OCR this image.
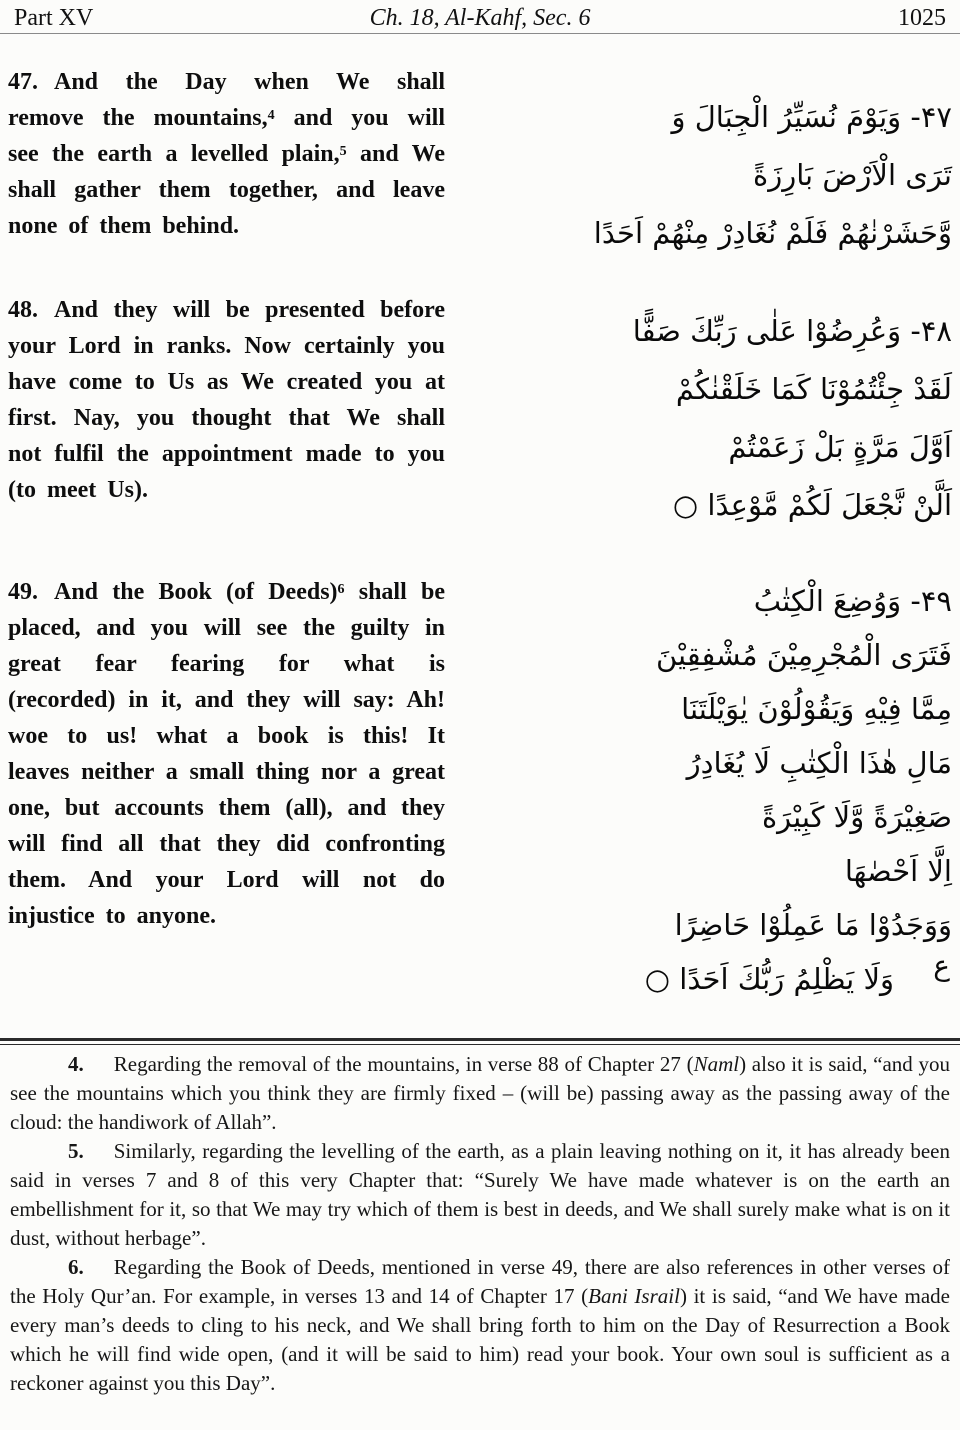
Part XV	Ch. 18, Al-Kahf, Sec. 6	1025

47. And the Day when We shall remove the mountains,$^4$ and you will see the earth a levelled plain,$^5$ and We shall gather them together, and leave none of them behind.

۴۷- وَيَوْمَ نُسَيِّرُ الْجِبَالَ وَ
تَرَى الْاَرْضَ بَارِزَةً
وَّحَشَرْنٰهُمْ فَلَمْ نُغَادِرْ مِنْهُمْ اَحَدًا

48. And they will be presented before your Lord in ranks. Now certainly you have come to Us as We created you at first. Nay, you thought that We shall not fulfil the appointment made to you (to meet Us).

۴۸- وَعُرِضُوْا عَلٰى رَبِّكَ صَفًّا
لَقَدْ جِئْتُمُوْنَا كَمَا خَلَقْنٰكُمْ
اَوَّلَ مَرَّةٍ بَلْ زَعَمْتُمْ
اَلَّنْ نَّجْعَلَ لَكُمْ مَّوْعِدًا ○

49. And the Book (of Deeds)$^6$ shall be placed, and you will see the guilty in great fear fearing for what is (recorded) in it, and they will say: Ah! woe to us! what a book is this! It leaves neither a small thing nor a great one, but accounts them (all), and they will find all that they did confronting them. And your Lord will not do injustice to anyone.

۴۹- وَوُضِعَ الْكِتٰبُ
فَتَرَى الْمُجْرِمِيْنَ مُشْفِقِيْنَ
مِمَّا فِيْهِ وَيَقُوْلُوْنَ يٰوَيْلَتَنَا
مَالِ هٰذَا الْكِتٰبِ لَا يُغَادِرُ
صَغِيْرَةً وَّلَا كَبِيْرَةً
اِلَّا اَحْصٰهَا
وَوَجَدُوْا مَا عَمِلُوْا حَاضِرًا
وَلَا يَظْلِمُ رَبُّكَ اَحَدًا ○	ع

4. Regarding the removal of the mountains, in verse 88 of Chapter 27 (Naml) also it is said, “and you see the mountains which you think they are firmly fixed – (will be) passing away as the passing away of the cloud: the handiwork of Allah”.

5. Similarly, regarding the levelling of the earth, as a plain leaving nothing on it, it has already been said in verses 7 and 8 of this very Chapter that: “Surely We have made whatever is on the earth an embellishment for it, so that We may try which of them is best in deeds, and We shall surely make what is on it dust, without herbage”.

6. Regarding the Book of Deeds, mentioned in verse 49, there are also references in other verses of the Holy Qur’an. For example, in verses 13 and 14 of Chapter 17 (Bani Israil) it is said, “and We have made every man’s deeds to cling to his neck, and We shall bring forth to him on the Day of Resurrection a Book which he will find wide open, (and it will be said to him) read your book. Your own soul is sufficient as a reckoner against you this Day”.
